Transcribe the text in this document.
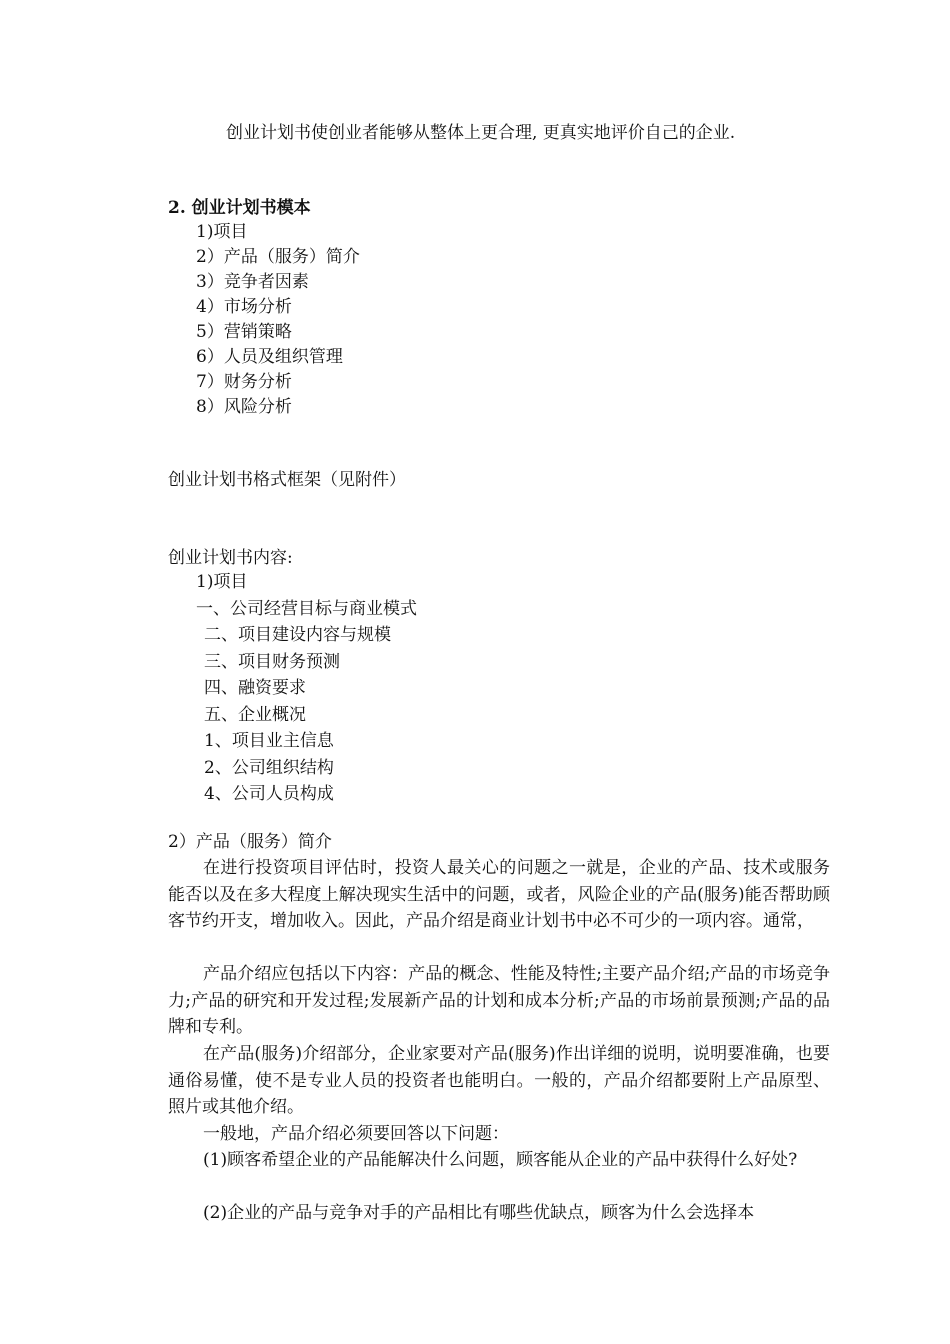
创业计划书使创业者能够从整体上更合理, 更真实地评价自己的企业.

2. 创业计划书模本

1)项目

2）产品（服务）简介

3）竞争者因素

4）市场分析

5）营销策略

6）人员及组织管理

7）财务分析

8）风险分析

创业计划书格式框架（见附件）

创业计划书内容:

1)项目

一、公司经营目标与商业模式

二、项目建设内容与规模

三、项目财务预测

四、融资要求

五、企业概况

1、项目业主信息

2、公司组织结构

4、公司人员构成

2）产品（服务）简介

在进行投资项目评估时，投资人最关心的问题之一就是，企业的产品、技术或服务能否以及在多大程度上解决现实生活中的问题，或者，风险企业的产品(服务)能否帮助顾客节约开支，增加收入。因此，产品介绍是商业计划书中必不可少的一项内容。通常，

产品介绍应包括以下内容：产品的概念、性能及特性;主要产品介绍;产品的市场竞争力;产品的研究和开发过程;发展新产品的计划和成本分析;产品的市场前景预测;产品的品牌和专利。

在产品(服务)介绍部分，企业家要对产品(服务)作出详细的说明，说明要准确，也要通俗易懂，使不是专业人员的投资者也能明白。一般的，产品介绍都要附上产品原型、照片或其他介绍。

一般地，产品介绍必须要回答以下问题：

(1)顾客希望企业的产品能解决什么问题，顾客能从企业的产品中获得什么好处?

(2)企业的产品与竞争对手的产品相比有哪些优缺点，顾客为什么会选择本
